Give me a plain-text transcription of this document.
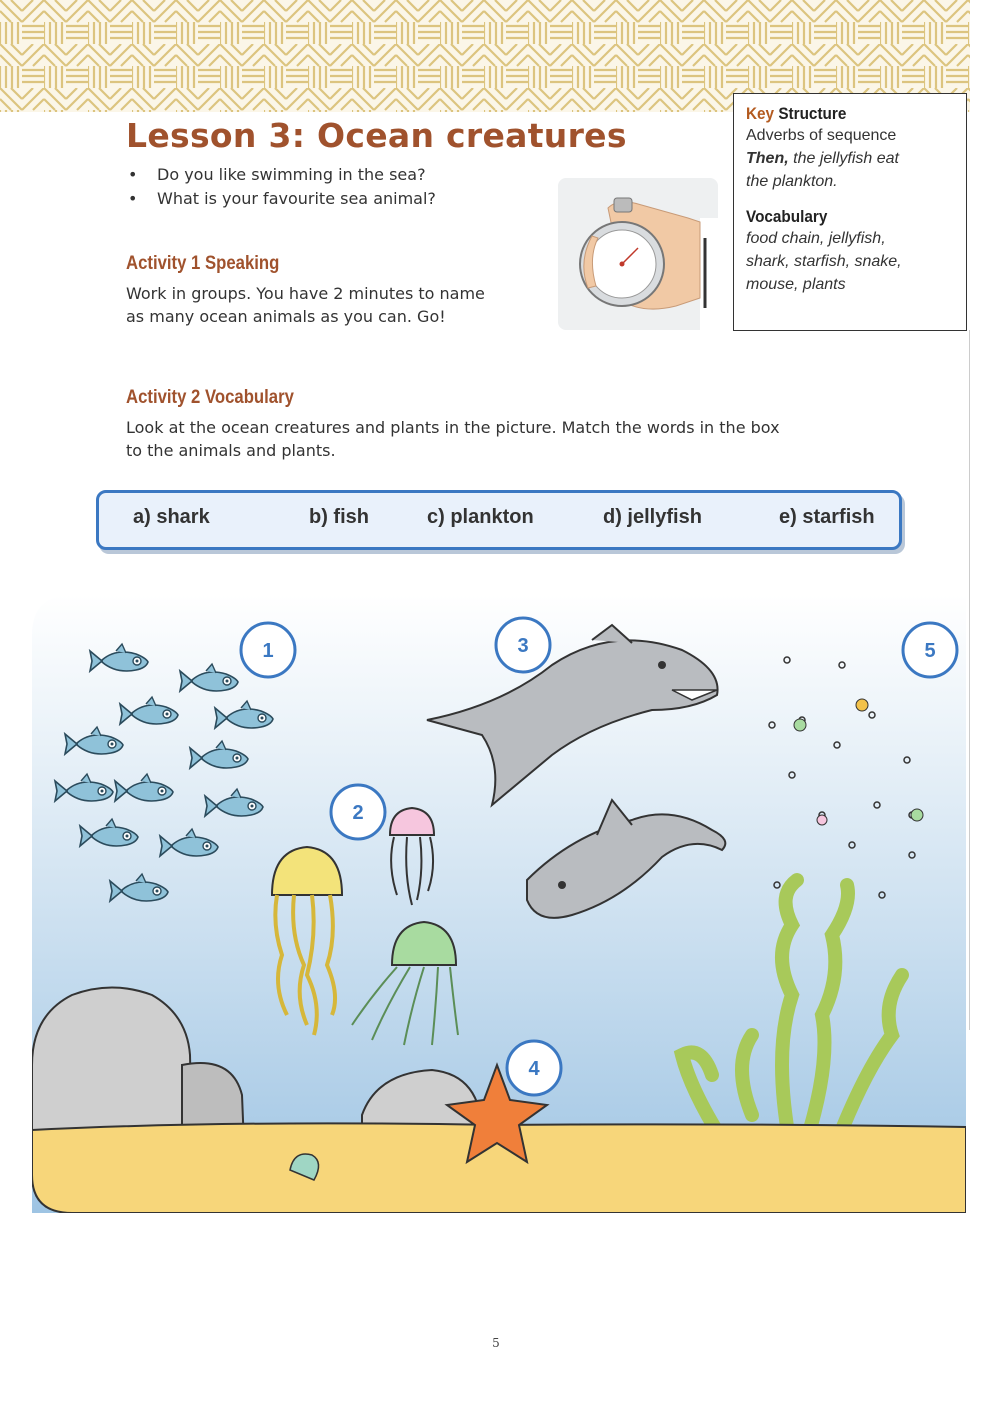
Key Structure
Adverbs of sequence
Then, the jellyfish eat
the plankton.
Vocabulary
food chain, jellyfish,
shark, starfish, snake,
mouse, plants
Lesson 3: Ocean creatures
• Do you like swimming in the sea?
• What is your favourite sea animal?
Activity 1 Speaking
Work in groups. You have 2 minutes to name
as many ocean animals as you can. Go!
Activity 2 Vocabulary
Look at the ocean creatures and plants in the picture. Match the words in the box
to the animals and plants.
a) shark	b) fish	c) plankton	d) jellyfish	e) starfish
1
2
3
4
5
5
